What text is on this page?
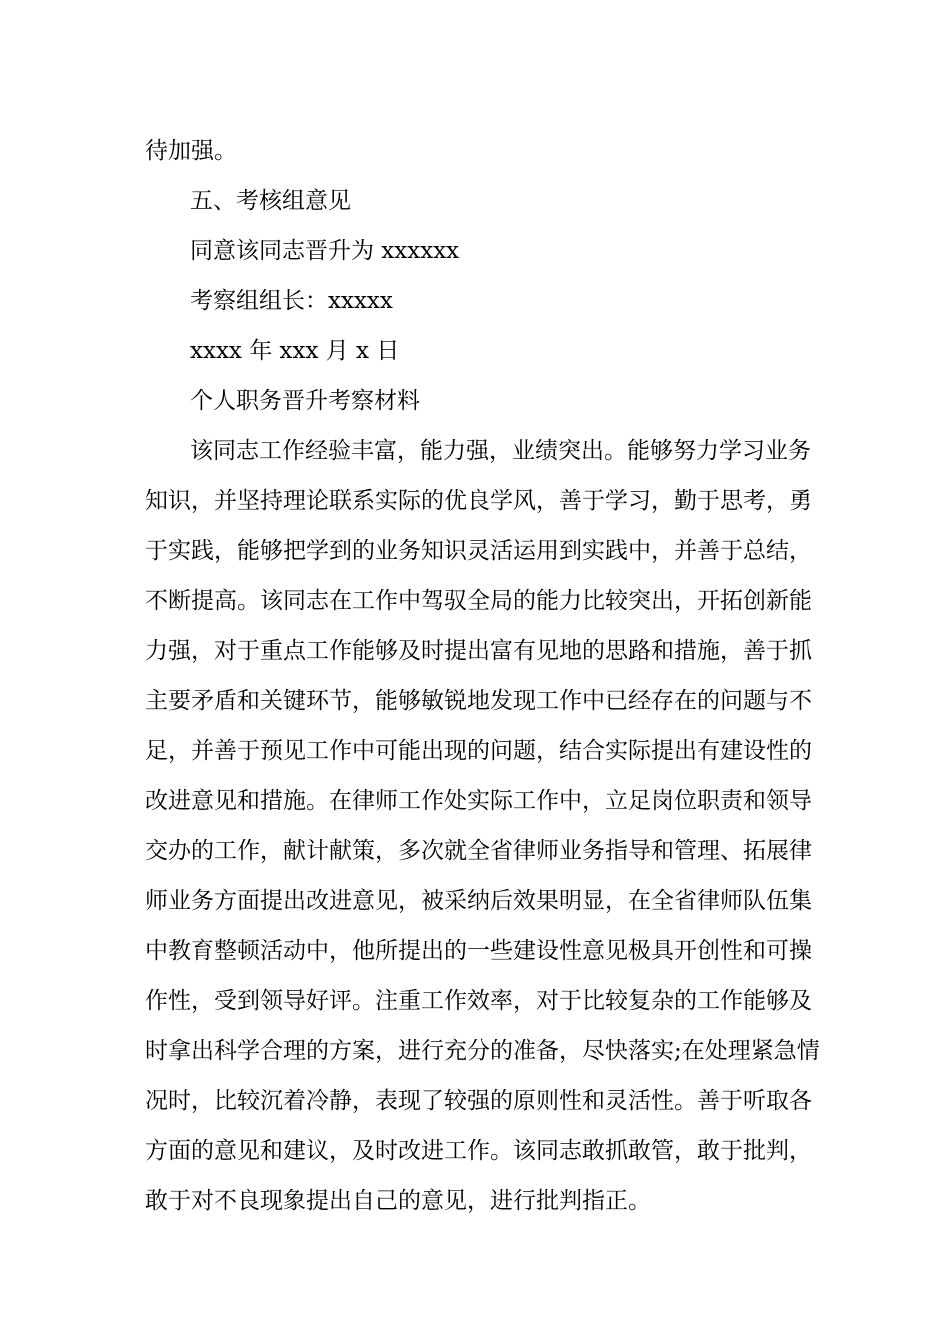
待加强。
五、考核组意见
同意该同志晋升为 xxxxxx
考察组组长：xxxxx
xxxx 年 xxx 月 x 日
个人职务晋升考察材料
该同志工作经验丰富，能力强，业绩突出。能够努力学习业务
知识，并坚持理论联系实际的优良学风，善于学习，勤于思考，勇
于实践，能够把学到的业务知识灵活运用到实践中，并善于总结，
不断提高。该同志在工作中驾驭全局的能力比较突出，开拓创新能
力强，对于重点工作能够及时提出富有见地的思路和措施，善于抓
主要矛盾和关键环节，能够敏锐地发现工作中已经存在的问题与不
足，并善于预见工作中可能出现的问题，结合实际提出有建设性的
改进意见和措施。在律师工作处实际工作中，立足岗位职责和领导
交办的工作，献计献策，多次就全省律师业务指导和管理、拓展律
师业务方面提出改进意见，被采纳后效果明显，在全省律师队伍集
中教育整顿活动中，他所提出的一些建设性意见极具开创性和可操
作性，受到领导好评。注重工作效率，对于比较复杂的工作能够及
时拿出科学合理的方案，进行充分的准备，尽快落实;在处理紧急情
况时，比较沉着冷静，表现了较强的原则性和灵活性。善于听取各
方面的意见和建议，及时改进工作。该同志敢抓敢管，敢于批判，
敢于对不良现象提出自己的意见，进行批判指正。
